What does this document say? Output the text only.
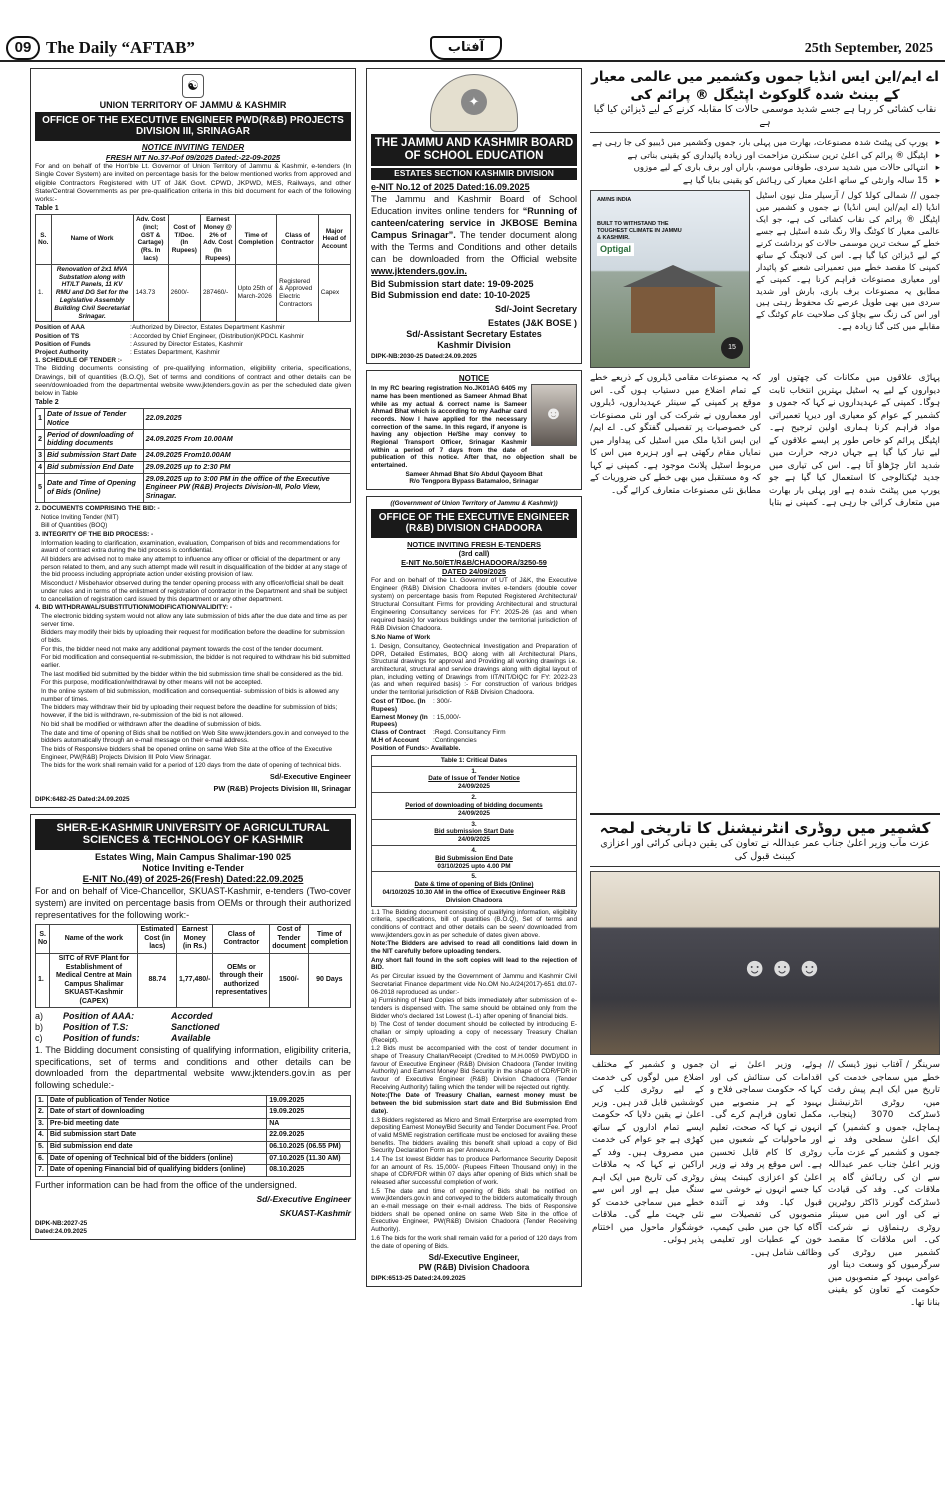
09 The Daily “AFTAB”	آفتاب	25th September, 2025
☯
UNION TERRITORY OF JAMMU & KASHMIR
OFFICE OF THE EXECUTIVE ENGINEER PWD(R&B) PROJECTS DIVISION III, SRINAGAR
NOTICE INVITING TENDER
FRESH NIT No.37-Pof 09/2025 Dated:-22-09-2025

For and on behalf of the Hon'ble Lt. Governor of Union Territory of Jammu & Kashmir, e-tenders (In Single Cover System) are invited on percentage basis for the below mentioned works from approved and eligible Contractors Registered with UT of J&K Govt. CPWD, JKPWD, MES, Railways, and other State/Central Governments as per pre-qualification criteria in this bid document for each of the following works:-

Table 1
S. No.	Name of Work	Adv. Cost (incl; GST & Cartage) (Rs. In lacs)	Cost of T/Doc. (In Rupees)	Earnest Money @ 2% of Adv. Cost (In Rupees)	Time of Completion	Class of Contractor	Major Head of Account
1.	Renovation of 2x1 MVA Substation along with HT/LT Panels, 11 KV RMU and DG Set for the Legislative Assembly Building Civil Secretariat Srinagar.	143.73	2600/-	287460/-	Upto 25th of March-2026	Registered & Approved Electric Contractors	Capex
Position of AAA	:Authorized by Director, Estates Department Kashmir
Position of TS	: Accorded by Chief Engineer, (Distribution)KPDCL Kashmir
Position of Funds	: Assured by Director Estates, Kashmir
Project Authority	: Estates Department, Kashmir
1. SCHEDULE OF TENDER :-

The Bidding documents consisting of pre-qualifying information, eligibility criteria, specifications, Drawings, bill of quantities (B.O.Q), Set of terms and conditions of contract and other details can be seen/downloaded from the departmental website www.jktenders.gov.in as per the scheduled date given below in Table

Table 2
1	Date of Issue of Tender Notice	22.09.2025
2	Period of downloading of bidding documents	24.09.2025 From 10.00AM
3	Bid submission Start Date	24.09.2025 From10.00AM
4	Bid submission End Date	29.09.2025 up to 2:30 PM
5	Date and Time of Opening of Bids (Online)	29.09.2025 up to 3:00 PM in the office of the Executive Engineer PW (R&B) Projects Division-III, Polo View, Srinagar.
2. DOCUMENTS COMPRISING THE BID: -

Notice Inviting Tender (NIT)

Bill of Quantities (BOQ)

3. INTEGRITY OF THE BID PROCESS: -

Information leading to clarification, examination, evaluation, Comparison of bids and recommendations for award of contract extra during the bid process is confidential.

All bidders are advised not to make any attempt to influence any officer or official of the department or any person related to them, and any such attempt made will result in disqualification of the bidder at any stage of the bid process including appropriate action under existing provision of law.

Misconduct / Misbehavior observed during the tender opening process with any officer/official shall be dealt under rules and in terms of the enlistment of registration of contractor in the Department and shall be subject to cancellation of registration card issued by this department or any other department.

4. BID WITHDRAWAL/SUBSTITUTION/MODIFICATION/VALIDITY: -

The electronic bidding system would not allow any late submission of bids after the due date and time as per server time.

Bidders may modify their bids by uploading their request for modification before the deadline for submission of bids.

For this, the bidder need not make any additional payment towards the cost of the tender document.

For bid modification and consequential re-submission, the bidder is not required to withdraw his bid submitted earlier.

The last modified bid submitted by the bidder within the bid submission time shall be considered as the bid.

For this purpose, modification/withdrawal by other means will not be accepted.

In the online system of bid submission, modification and consequential- submission of bids is allowed any number of times.

The bidders may withdraw their bid by uploading their request before the deadline for submission of bids; however, if the bid is withdrawn, re-submission of the bid is not allowed.

No bid shall be modified or withdrawn after the deadline of submission of bids.

The date and time of opening of Bids shall be notified on Web Site www.jktenders.gov.in and conveyed to the bidders automatically through an e-mail message on their e-mail address.

The bids of Responsive bidders shall be opened online on same Web Site at the office of the Executive Engineer, PW(R&B) Projects Division III Polo View Srinagar.

The bids for the work shall remain valid for a period of 120 days from the date of opening of technical bids.

Sd/-Executive Engineer
PW (R&B) Projects Division III, Srinagar
DIPK:6482-25 Dated:24.09.2025
SHER-E-KASHMIR UNIVERSITY OF AGRICULTURAL SCIENCES & TECHNOLOGY OF KASHMIR
Estates Wing, Main Campus Shalimar-190 025
Notice Inviting e-Tender
E-NIT No.(49) of 2025-26(Fresh) Dated:22.09.2025

For and on behalf of Vice-Chancellor, SKUAST-Kashmir, e-tenders (Two-cover system) are invited on percentage basis from OEMs or through their authorized representatives for the following work:-

S. No	Name of the work	Estimated Cost (in lacs)	Earnest Money (in Rs.)	Class of Contractor	Cost of Tender document	Time of completion
1.	SITC of RVF Plant for Establishment of Medical Centre at Main Campus Shalimar SKUAST-Kashmir (CAPEX)	88.74	1,77,480/-	OEMs or through their authorized representatives	1500/-	90 Days
a)	Position of AAA:	Accorded
b)	Position of T.S:	Sanctioned
c)	Position of funds:	Available

1. The Bidding document consisting of qualifying information, eligibility criteria, specifications, set of terms and conditions and other details can be downloaded from the departmental website www.jktenders.gov.in as per following schedule:-

1.	Date of publication of Tender Notice	19.09.2025
2.	Date of start of downloading	19.09.2025
3.	Pre-bid meeting date	NA
4.	Bid submission start Date	22.09.2025
5.	Bid submission end date	06.10.2025 (06.55 PM)
6.	Date of opening of Technical bid of the bidders (online)	07.10.2025 (11.30 AM)
7.	Date of opening Financial bid of qualifying bidders (online)	08.10.2025

Further information can be had from the office of the undersigned.

Sd/-Executive Engineer
SKUAST-Kashmir
DIPK-NB:2027-25
Dated:24.09.2025
✦
THE JAMMU AND KASHMIR BOARD OF SCHOOL EDUCATION
ESTATES SECTION KASHMIR DIVISION
e-NIT No.12 of 2025 Dated:16.09.2025

The Jammu and Kashmir Board of School Education invites online tenders for “Running of canteen/catering service in JKBOSE Bemina Campus Srinagar”. The tender document along with the Terms and Conditions and other details can be downloaded from the Official website www.jktenders.gov.in.

Bid Submission start date: 19-09-2025
Bid Submission end date: 10-10-2025
Sd/-Joint Secretary
Estates (J&K BOSE )
Sd/-Assistant Secretary Estates
Kashmir Division
DIPK-NB:2030-25 Dated:24.09.2025
NOTICE
☻

In my RC bearing registration No.JK01AG 6405 my name has been mentioned as Sameer Ahmad Bhat while as my actual & correct name is Sameer Ahmad Bhat which is according to my Aadhar card records. Now I have applied for the necessary correction of the same. In this regard, if anyone is having any objection He/She may convey to Regional Transport Officer, Srinagar Kashmir within a period of 7 days from the date of publication of this notice. After that, no objection shall be entertained.

Sameer Ahmad Bhat S/o Abdul Qayoom Bhat
R/o Tengpora Bypass Batamaloo, Srinagar
((Government of Union Territory of Jammu & Kashmir))
OFFICE OF THE EXECUTIVE ENGINEER (R&B) DIVISION CHADOORA
NOTICE INVITING FRESH E-TENDERS
(3rd call)
E-NIT No.50/ET/R&B/CHADOORA/3250-59
DATED 24/09/2025

For and on behalf of the Lt. Governor of UT of J&K, the Executive Engineer (R&B) Division Chadoora invites e-tenders (double cover system) on percentage basis from Reputed Registered Architectural/ Structural Consultant Firms for providing Architectural and structural Engineering Consultancy services for FY: 2025-26 (as and when required basis) for various buildings under the territorial jurisdiction of R&B Division Chadoora.

S.No Name of Work

1. Design, Consultancy, Geotechnical Investigation and Preparation of DPR, Detailed Estimates, BOQ along with all Architectural Plans, Structural drawings for approval and Providing all working drawings i.e. architectural, structural and service drawings along with digital layout of plan, including vetting of Drawings from IIT/NIT/DIQC for FY: 2022-23 (as and when required basis) :- For construction of various bridges under the territorial jurisdiction of R&B Division Chadoora.

Cost of T/Doc. (In Rupees)
: 300/-
Earnest Money (In Rupees)
: 15,000/-
Class of Contract	:Regd. Consultancy Firm
M.H of Account	:Contingencies
Position of Funds:- Available.
Table 1: Critical Dates

1.
Date of Issue of Tender Notice
24/09/2025

2.
Period of downloading of bidding documents
24/09/2025

3.
Bid submission Start Date
24/09/2025

4.
Bid Submission End Date
03/10/2025 upto 4.00 PM

5.
Date & time of opening of Bids (Online)
04/10/2025 10.30 AM in the office of Executive Engineer R&B Division Chadoora

1.1 The Bidding document consisting of qualifying information, eligibility criteria, specifications, bill of quantities (B.O.Q), Set of terms and conditions of contract and other details can be seen/ downloaded from www.jktenders.gov.in as per schedule of dates given above.

Note:The Bidders are advised to read all conditions laid down in the NIT carefully before uploading tenders.

Any short fall found in the soft copies will lead to the rejection of BID.

As per Circular issued by the Government of Jammu and Kashmir Civil Secretariat Finance department vide No.OM No.A/24(2017)-651 dtd.07-06-2018 reproduced as under:-

a) Furnishing of Hard Copies of bids immediately after submission of e-tenders is dispensed with. The same should be obtained only from the Bidder who's declared 1st Lowest (L-1) after opening of financial bids.

b) The Cost of tender document should be collected by introducing E-challan or simply uploading a copy of necessary Treasury Challan (Receipt).

1.2 Bids must be accompanied with the cost of tender document in shape of Treasury Challan/Receipt (Credited to M.H.0059 PWD)/DD in favour of Executive Engineer (R&B) Division Chadoora (Tender Inviting Authority) and Earnest Money/ Bid Security in the shape of CDR/FDR in favour of Executive Engineer (R&B) Division Chadoora (Tender Receiving Authority) failing which the tender will be rejected out rightly.

Note:(The Date of Treasury Challan, earnest money must be between the bid submission start date and Bid Submission End date).

1.3 Bidders registered as Micro and Small Enterprise are exempted from depositing Earnest Money/Bid Security and Tender Document Fee. Proof of valid MSME registration certificate must be enclosed for availing these benefits. The bidders availing this benefit shall upload a copy of Bid Security Declaration Form as per Annexure A.

1.4 The 1st lowest Bidder has to produce Performance Security Deposit for an amount of Rs. 15,000/- (Rupees Fifteen Thousand only) in the shape of CDR/FDR within 07 days after opening of Bids which shall be released after successful completion of work.

1.5 The date and time of opening of Bids shall be notified on www.jktenders.gov.in and conveyed to the bidders automatically through an e-mail message on their e-mail address. The bids of Responsive bidders shall be opened online on same Web Site in the office of Executive Engineer, PW(R&B) Division Chadoora (Tender Receiving Authority).

1.6 The bids for the work shall remain valid for a period of 120 days from the date of opening of Bids.

Sd/-Executive Engineer,
PW (R&B) Division Chadoora
DIPK:6513-25 Dated:24.09.2025
اے ایم/این ایس انڈیا جموں وکشمیر میں عالمی معیار کے بینٹ شدہ گلوکوٹ اپٹیگل ® پرائم کی
نقاب کشائی کر رہا ہے جسے شدید موسمی حالات کا مقابلہ کرنے کے لیے ڈیزائن کیا گیا ہے
▸ یورپ کی پیٹنٹ شدہ مصنوعات، بھارت میں پہلی بار، جموں وکشمیر میں ڈیبیو کی جا رہی ہے
▸ اپٹیگل ® پرائم کی اعلیٰ ترین سنکنرن مزاحمت اور زیادہ پائیداری کو یقینی بناتی ہے
▸ انتہائی حالات میں شدید سردی، طوفانی موسم، باراں اور برف باری کے لیے موزوں
▸ 15 سالہ وارنٹی کے ساتھ اعلیٰ معیار کی رہائش کو یقینی بنایا گیا ہے
AM/NS INDIA
BUILT TO WITHSTAND THE TOUGHEST CLIMATE IN JAMMU & KASHMIR.
Optigal
15
جموں // شمالی کولڈ کول / آرسیلر متل نپون اسٹیل انڈیا (اے ایم/این ایس انڈیا) نے جموں و کشمیر میں اپٹیگل ® پرائم کی نقاب کشائی کی ہے، جو ایک عالمی معیار کا کوٹنگ والا رنگ شدہ اسٹیل ہے جسے خطے کے سخت ترین موسمی حالات کو برداشت کرنے کے لیے ڈیزائن کیا گیا ہے۔ اس کی لانچنگ کے ساتھ کمپنی کا مقصد خطے میں تعمیراتی شعبے کو پائیدار اور معیاری مصنوعات فراہم کرنا ہے۔ کمپنی کے مطابق یہ مصنوعات برف باری، بارش اور شدید سردی میں بھی طویل عرصے تک محفوظ رہتی ہیں اور اس کی زنگ سے بچاؤ کی صلاحیت عام کوٹنگ کے مقابلے میں کئی گنا زیادہ ہے۔
پہاڑی علاقوں میں مکانات کی چھتوں اور دیواروں کے لیے یہ اسٹیل بہترین انتخاب ثابت ہوگا۔ کمپنی کے عہدیداروں نے کہا کہ جموں و کشمیر کے عوام کو معیاری اور دیرپا تعمیراتی مواد فراہم کرنا ہماری اولین ترجیح ہے۔ اپٹیگل پرائم کو خاص طور پر ایسے علاقوں کے لیے تیار کیا گیا ہے جہاں درجہ حرارت میں شدید اتار چڑھاؤ آتا ہے۔ اس کی تیاری میں جدید ٹیکنالوجی کا استعمال کیا گیا ہے جو یورپ میں پیٹنٹ شدہ ہے اور پہلی بار بھارت میں متعارف کرائی جا رہی ہے۔ کمپنی نے بتایا کہ یہ مصنوعات مقامی ڈیلروں کے ذریعے خطے کے تمام اضلاع میں دستیاب ہوں گی۔ اس موقع پر کمپنی کے سینئر عہدیداروں، ڈیلروں اور معماروں نے شرکت کی اور نئی مصنوعات کی خصوصیات پر تفصیلی گفتگو کی۔ اے ایم/این ایس انڈیا ملک میں اسٹیل کی پیداوار میں نمایاں مقام رکھتی ہے اور ہزیرہ میں اس کا مربوط اسٹیل پلانٹ موجود ہے۔ کمپنی نے کہا کہ وہ مستقبل میں بھی خطے کی ضروریات کے مطابق نئی مصنوعات متعارف کرائے گی۔
کشمیر میں روڈری انٹرنیشنل کا تاریخی لمحہ
عزت مآب وزیر اعلیٰ جناب عمر عبداللہ نے تعاون کی یقین دہانی کرائی اور اعزازی کیبنٹ قبول کی
☻☻☻
سرینگر / آفتاب نیوز ڈیسک // خطے میں سماجی خدمت کی تاریخ میں ایک اہم پیش رفت میں، روٹری انٹرنیشنل ڈسٹرکٹ 3070 (پنجاب، ہماچل، جموں و کشمیر) کے ایک اعلیٰ سطحی وفد نے جموں و کشمیر کے عزت مآب وزیر اعلیٰ جناب عمر عبداللہ سے ان کی رہائش گاہ پر ملاقات کی۔ وفد کی قیادت ڈسٹرکٹ گورنر ڈاکٹر روٹیرین نے کی اور اس میں سینئر روٹری رہنماؤں نے شرکت کی۔ اس ملاقات کا مقصد کشمیر میں روٹری کی سرگرمیوں کو وسعت دینا اور عوامی بہبود کے منصوبوں میں حکومت کے تعاون کو یقینی بنانا تھا۔
ہوئے، وزیر اعلیٰ نے ان اقدامات کی ستائش کی اور کہا کہ حکومت سماجی فلاح و بہبود کے ہر منصوبے میں مکمل تعاون فراہم کرے گی۔ انہوں نے کہا کہ صحت، تعلیم اور ماحولیات کے شعبوں میں روٹری کا کام قابل تحسین ہے۔ اس موقع پر وفد نے وزیر اعلیٰ کو اعزازی کیبنٹ پیش کیا جسے انہوں نے خوشی سے قبول کیا۔ وفد نے آئندہ منصوبوں کی تفصیلات سے آگاہ کیا جن میں طبی کیمپ، خون کے عطیات اور تعلیمی وظائف شامل ہیں۔
جموں و کشمیر کے مختلف اضلاع میں لوگوں کی خدمت کے لیے روٹری کلب کی کوششیں قابل قدر ہیں۔ وزیر اعلیٰ نے یقین دلایا کہ حکومت ایسے تمام اداروں کے ساتھ کھڑی ہے جو عوام کی خدمت میں مصروف ہیں۔ وفد کے اراکین نے کہا کہ یہ ملاقات روٹری کی تاریخ میں ایک اہم سنگ میل ہے اور اس سے خطے میں سماجی خدمت کو نئی جہت ملے گی۔ ملاقات خوشگوار ماحول میں اختتام پذیر ہوئی۔
